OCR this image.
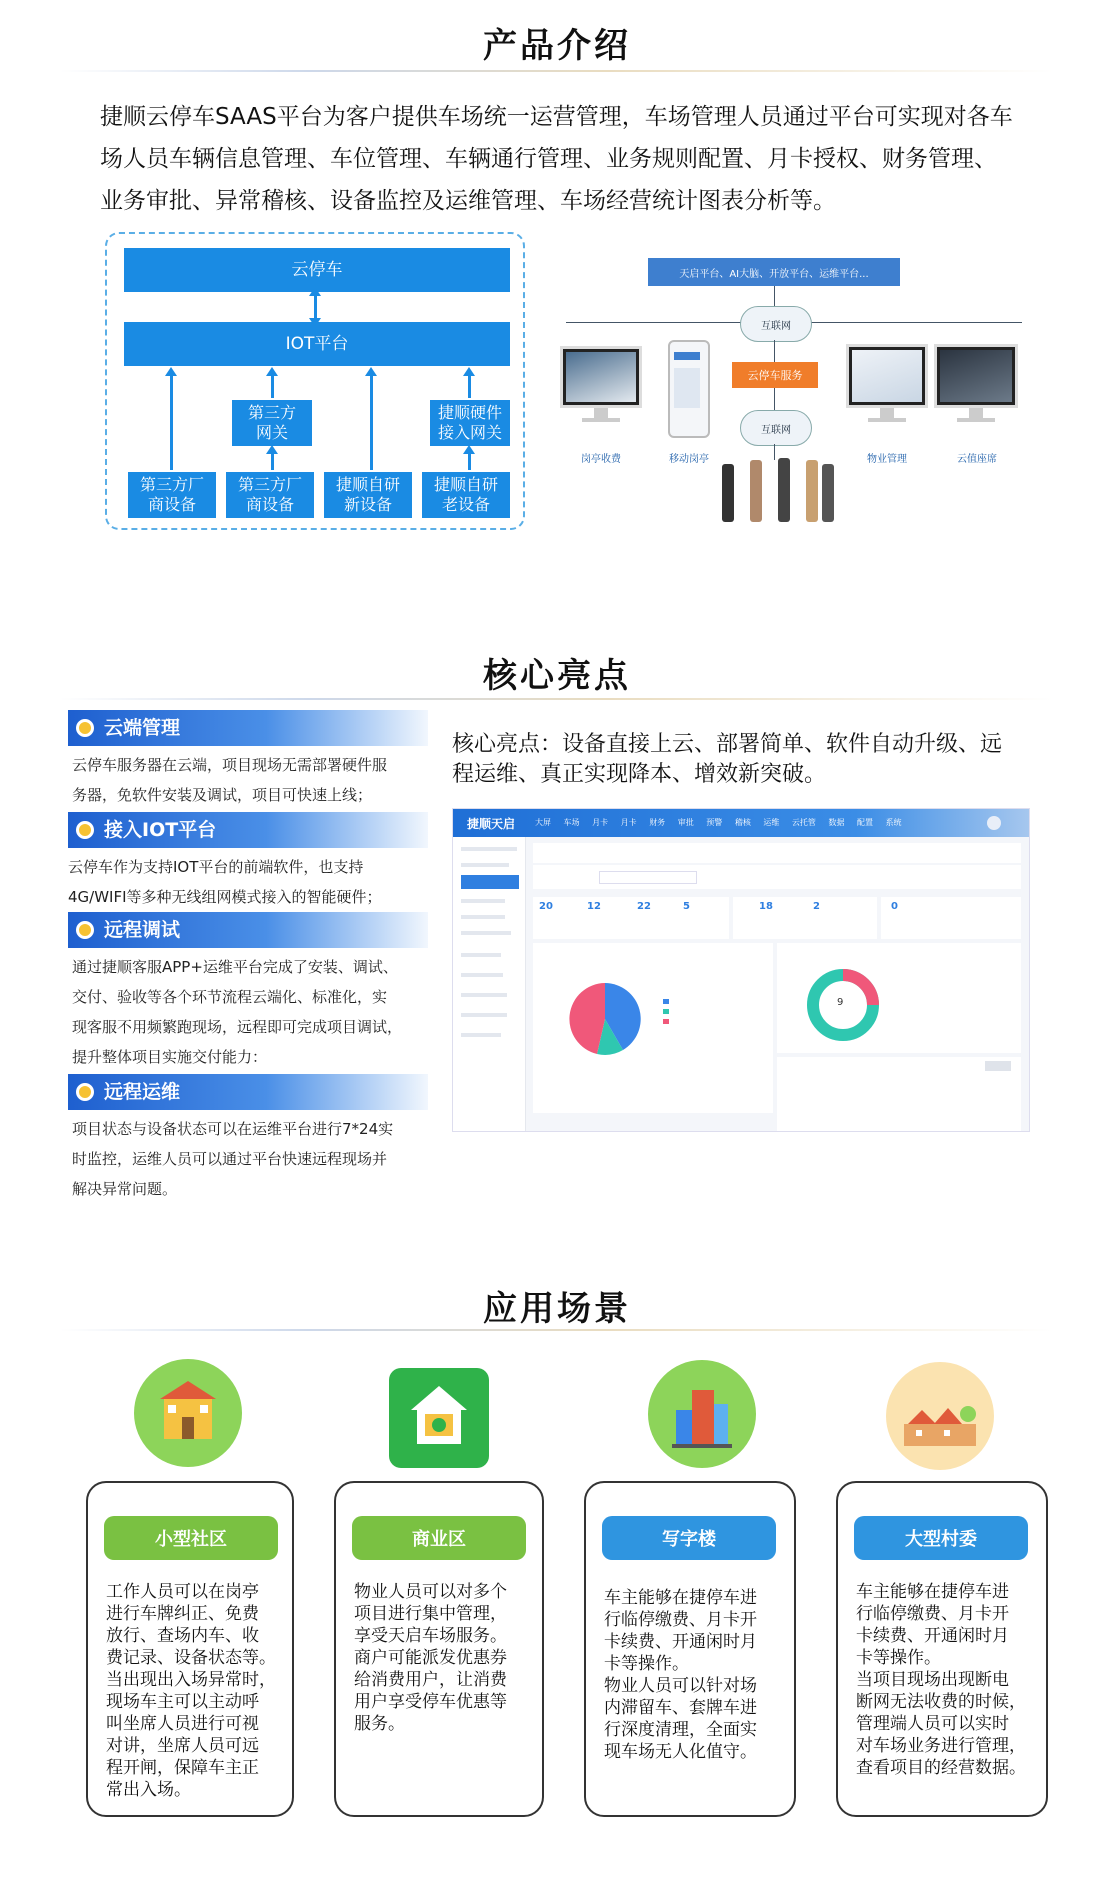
产品介绍
捷顺云停车SAAS平台为客户提供车场统一运营管理，车场管理人员通过平台可实现对各车
场人员车辆信息管理、车位管理、车辆通行管理、业务规则配置、月卡授权、财务管理、
业务审批、异常稽核、设备监控及运维管理、车场经营统计图表分析等。
云停车
IOT平台
第三方
网关
捷顺硬件
接入网关
第三方厂
商设备
第三方厂
商设备
捷顺自研
新设备
捷顺自研
老设备
天启平台、AI大脑、开放平台、运维平台...
互联网
云停车服务
互联网
岗亭收费	移动岗亭	物业管理	云值座席
核心亮点
云端管理
云停车服务器在云端，项目现场无需部署硬件服
务器，免软件安装及调试，项目可快速上线；
接入IOT平台
云停车作为支持IOT平台的前端软件，也支持
4G/WIFI等多种无线组网模式接入的智能硬件；
远程调试
通过捷顺客服APP+运维平台完成了安装、调试、
交付、验收等各个环节流程云端化、标准化，实
现客服不用频繁跑现场，远程即可完成项目调试，
提升整体项目实施交付能力：
远程运维
项目状态与设备状态可以在运维平台进行7*24实
时监控，运维人员可以通过平台快速远程现场并
解决异常问题。
核心亮点：设备直接上云、部署简单、软件自动升级、远
程运维、真正实现降本、增效新突破。
捷顺天启 大屏 车场 月卡 月卡 财务 审批 预警 稽核 运维 云托管 数据 配置 系统
20	12	22	5	18	2	0
9
应用场景
小型社区
工作人员可以在岗亭
进行车牌纠正、免费
放行、查场内车、收
费记录、设备状态等。
当出现出入场异常时，
现场车主可以主动呼
叫坐席人员进行可视
对讲，坐席人员可远
程开闸，保障车主正
常出入场。
商业区
物业人员可以对多个
项目进行集中管理，
享受天启车场服务。
商户可能派发优惠券
给消费用户，让消费
用户享受停车优惠等
服务。
写字楼
车主能够在捷停车进
行临停缴费、月卡开
卡续费、开通闲时月
卡等操作。
物业人员可以针对场
内滞留车、套牌车进
行深度清理，全面实
现车场无人化值守。
大型村委
车主能够在捷停车进
行临停缴费、月卡开
卡续费、开通闲时月
卡等操作。
当项目现场出现断电
断网无法收费的时候，
管理端人员可以实时
对车场业务进行管理，
查看项目的经营数据。
